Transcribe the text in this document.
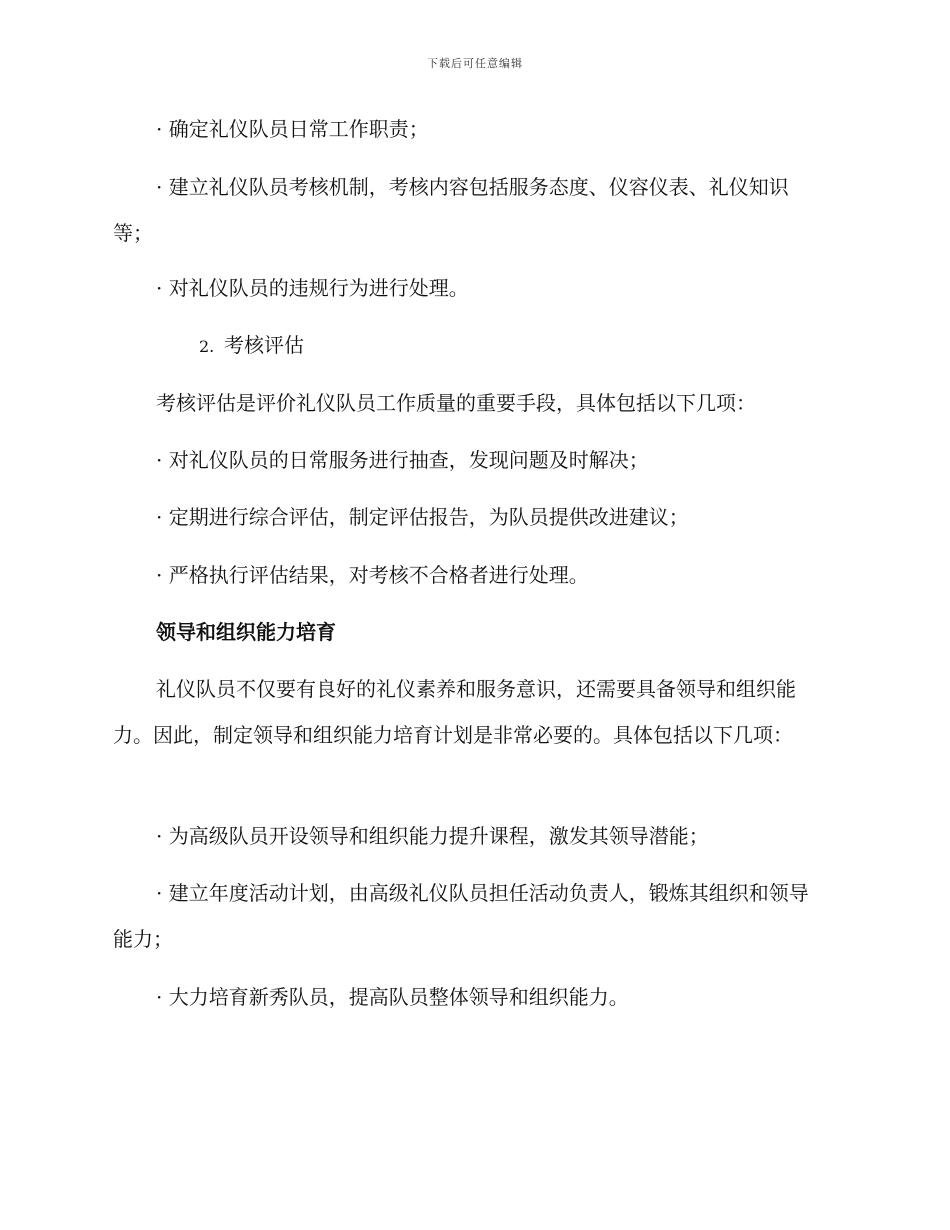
下载后可任意编辑

· 确定礼仪队员日常工作职责；

· 建立礼仪队员考核机制，考核内容包括服务态度、仪容仪表、礼仪知识等；

· 对礼仪队员的违规行为进行处理。

2. 考核评估

考核评估是评价礼仪队员工作质量的重要手段，具体包括以下几项：

· 对礼仪队员的日常服务进行抽查，发现问题及时解决；

· 定期进行综合评估，制定评估报告，为队员提供改进建议；

· 严格执行评估结果，对考核不合格者进行处理。

领导和组织能力培育

礼仪队员不仅要有良好的礼仪素养和服务意识，还需要具备领导和组织能力。因此，制定领导和组织能力培育计划是非常必要的。具体包括以下几项：

· 为高级队员开设领导和组织能力提升课程，激发其领导潜能；

· 建立年度活动计划，由高级礼仪队员担任活动负责人，锻炼其组织和领导能力；

· 大力培育新秀队员，提高队员整体领导和组织能力。
